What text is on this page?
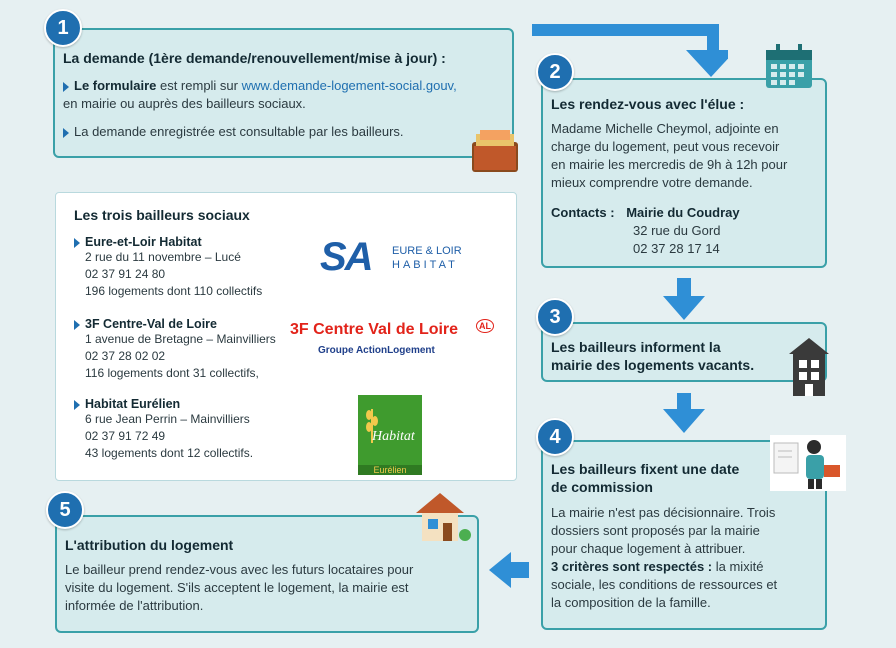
La demande (1ère demande/renouvellement/mise à jour) :
Le formulaire est rempli sur www.demande-logement-social.gouv,
en mairie ou auprès des bailleurs sociaux.
La demande enregistrée est consultable par les bailleurs.
1
Les rendez-vous avec l'élue :
Madame Michelle Cheymol, adjointe en
charge du logement, peut vous recevoir
en mairie les mercredis de 9h à 12h pour
mieux comprendre votre demande.
Contacts : Mairie du Coudray
32 rue du Gord
02 37 28 17 14
2
Les bailleurs informent la
mairie des logements vacants.
3
Les bailleurs fixent une date
de commission
La mairie n'est pas décisionnaire. Trois
dossiers sont proposés par la mairie
pour chaque logement à attribuer.
3 critères sont respectés : la mixité
sociale, les conditions de ressources et
la composition de la famille.
4
L'attribution du logement
Le bailleur prend rendez-vous avec les futurs locataires pour
visite du logement. S'ils acceptent le logement, la mairie est
informée de l'attribution.
5
Les trois bailleurs sociaux
Eure-et-Loir Habitat
2 rue du 11 novembre – Lucé
02 37 91 24 80
196 logements dont 110 collectifs
3F Centre-Val de Loire
1 avenue de Bretagne – Mainvilliers
02 37 28 02 02
116 logements dont 31 collectifs,
Habitat Eurélien
6 rue Jean Perrin – Mainvilliers
02 37 91 72 49
43 logements dont 12 collectifs.
SA EURE & LOIR
HABITAT
3F Centre Val de Loire	AL
Groupe ActionLogement
Habitat
Eurélien
